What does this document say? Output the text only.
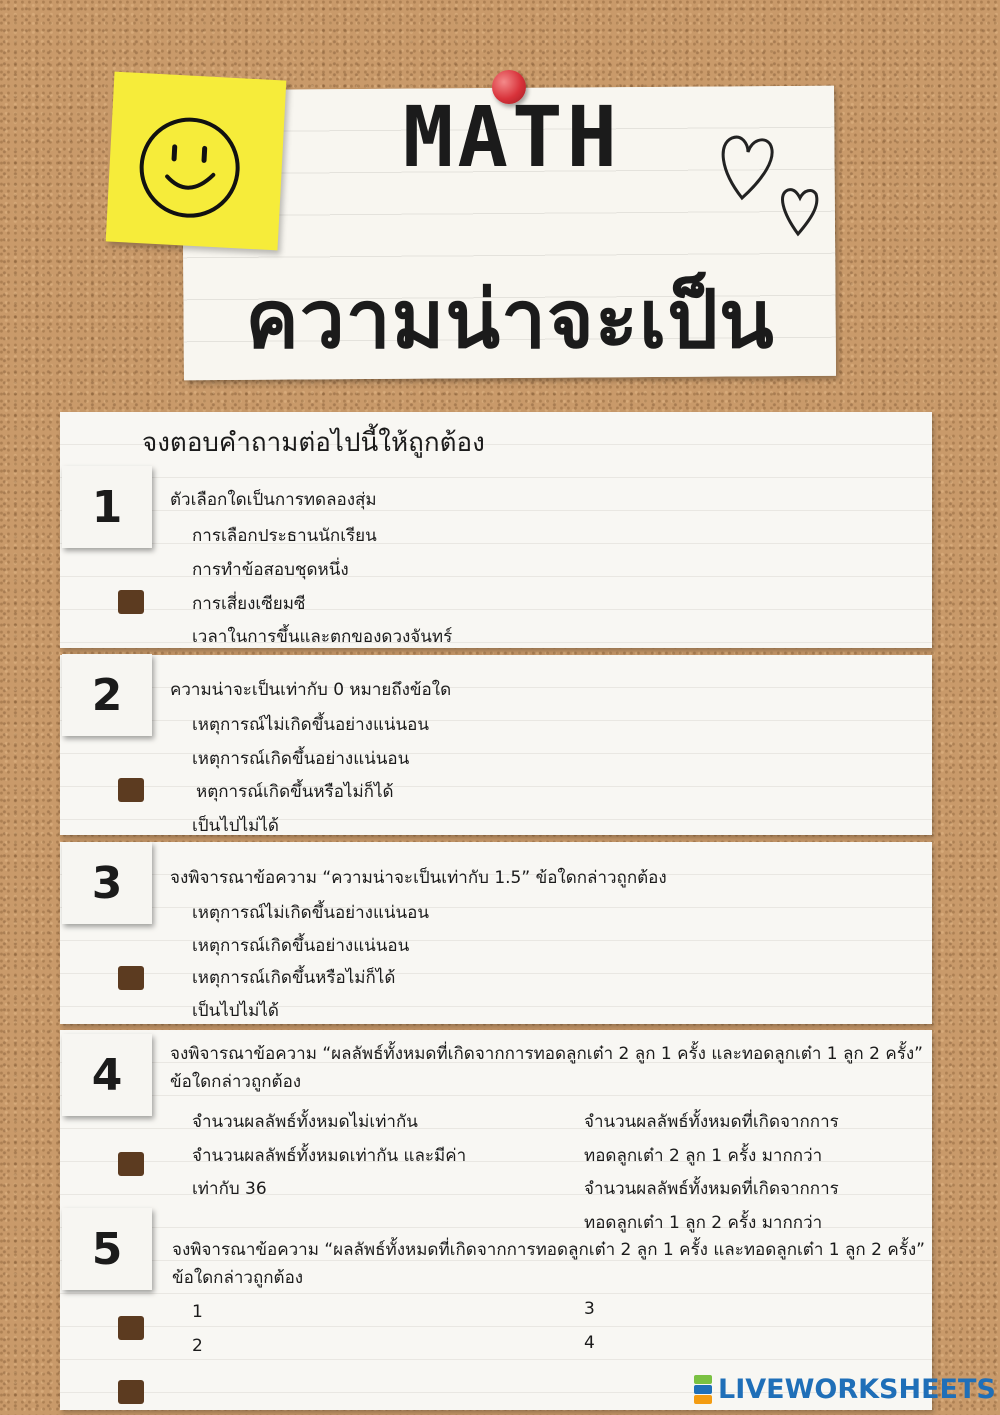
MATH
ความน่าจะเป็น

จงตอบคำถามต่อไปนี้ให้ถูกต้อง

1
2
3
4
5

ตัวเลือกใดเป็นการทดลองสุ่ม

การเลือกประธานนักเรียน

การทำข้อสอบชุดหนึ่ง

การเสี่ยงเซียมซี

เวลาในการขึ้นและตกของดวงจันทร์

ความน่าจะเป็นเท่ากับ 0 หมายถึงข้อใด

เหตุการณ์ไม่เกิดขึ้นอย่างแน่นอน

เหตุการณ์เกิดขึ้นอย่างแน่นอน

หตุการณ์เกิดขึ้นหรือไม่ก็ได้

เป็นไปไม่ได้

จงพิจารณาข้อความ “ความน่าจะเป็นเท่ากับ 1.5” ข้อใดกล่าวถูกต้อง

เหตุการณ์ไม่เกิดขึ้นอย่างแน่นอน

เหตุการณ์เกิดขึ้นอย่างแน่นอน

เหตุการณ์เกิดขึ้นหรือไม่ก็ได้

เป็นไปไม่ได้

จงพิจารณาข้อความ “ผลลัพธ์ทั้งหมดที่เกิดจากการทอดลูกเต๋า 2 ลูก 1 ครั้ง และทอดลูกเต๋า 1 ลูก 2 ครั้ง” ข้อใดกล่าวถูกต้อง

จำนวนผลลัพธ์ทั้งหมดไม่เท่ากัน

จำนวนผลลัพธ์ทั้งหมดเท่ากัน และมีค่า

เท่ากับ 36

จำนวนผลลัพธ์ทั้งหมดที่เกิดจากการ

ทอดลูกเต๋า 2 ลูก 1 ครั้ง มากกว่า

จำนวนผลลัพธ์ทั้งหมดที่เกิดจากการ

ทอดลูกเต๋า 1 ลูก 2 ครั้ง มากกว่า

จงพิจารณาข้อความ “ผลลัพธ์ทั้งหมดที่เกิดจากการทอดลูกเต๋า 2 ลูก 1 ครั้ง และทอดลูกเต๋า 1 ลูก 2 ครั้ง” ข้อใดกล่าวถูกต้อง

1

2

3

4

LIVEWORKSHEETS
